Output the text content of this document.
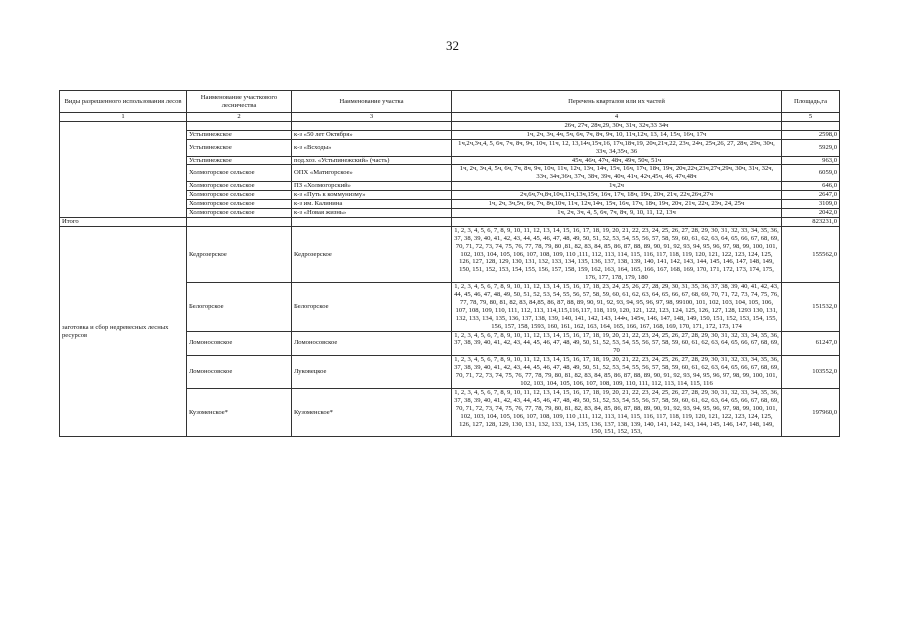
32
Виды разрешенного использования лесов	Наименование участкового лесничества	Наименование участка	Перечень кварталов или их частей	Площадь,га
1	2	3	4	5
			26ч, 27ч, 28ч,29, 30ч, 31ч, 32ч,33 34ч	
	Устьпинежское	к-з «50 лет Октября»	1ч, 2ч, 3ч, 4ч, 5ч, 6ч, 7ч, 8ч, 9ч, 10, 11ч,12ч, 13, 14, 15ч, 16ч, 17ч	2598,0
	Устьпинежское	к-з «Всходы»	1ч,2ч,3ч,4, 5, 6ч, 7ч, 8ч, 9ч, 10ч, 11ч, 12, 13,14ч,15ч,16, 17ч,18ч,19, 20ч,21ч,22, 23ч, 24ч, 25ч,26, 27, 28ч, 29ч, 30ч, 33ч, 34,35ч, 36	5929,0
	Устьпинежское	под.хоз. «Устьпинежский» (часть)	45ч, 46ч, 47ч, 48ч, 49ч, 50ч, 51ч	963,0
	Холмогорское сельское	ОПХ «Матигорское»	1ч, 2ч, 3ч,4, 5ч, 6ч, 7ч, 8ч, 9ч, 10ч, 11ч, 12ч, 13ч, 14ч, 15ч, 16ч, 17ч, 18ч, 19ч, 20ч,22ч,23ч,27ч,29ч, 30ч, 31ч, 32ч, 33ч, 34ч,36ч, 37ч, 38ч, 39ч, 40ч, 41ч, 42ч,45ч, 46, 47ч,48ч	6059,0
	Холмогорское сельское	ПЗ «Холмогорский»	1ч,2ч	646,0
	Холмогорское сельское	к-з «Путь к коммунизму»	2ч,6ч,7ч,8ч,10ч,11ч,13ч,15ч, 16ч, 17ч, 18ч, 19ч, 20ч, 21ч, 22ч,26ч,27ч	2647,0
	Холмогорское сельское	к-з им. Калинина	1ч, 2ч, 3ч,5ч, 6ч, 7ч, 8ч,10ч, 11ч, 12ч,14ч, 15ч, 16ч, 17ч, 18ч, 19ч, 20ч, 21ч, 22ч, 23ч, 24, 25ч	3109,0
	Холмогорское сельское	к-з «Новая жизнь»	1ч, 2ч, 3ч, 4, 5, 6ч, 7ч, 8ч, 9, 10, 11, 12, 13ч	2042,0
Итого				823231,0
заготовка и сбор недревесных лесных ресурсов	Кедрозерское	Кедрозерское	1, 2, 3, 4, 5, 6, 7, 8, 9, 10, 11, 12, 13, 14, 15, 16, 17, 18, 19, 20, 21, 22, 23, 24, 25, 26, 27, 28, 29, 30, 31, 32, 33, 34, 35, 36, 37, 38, 39, 40, 41, 42, 43, 44, 45, 46, 47, 48, 49, 50, 51, 52, 53, 54, 55, 56, 57, 58, 59, 60, 61, 62, 63, 64, 65, 66, 67, 68, 69, 70, 71, 72, 73, 74, 75, 76, 77, 78, 79, 80 ,81, 82, 83, 84, 85, 86, 87, 88, 89, 90, 91, 92, 93, 94, 95, 96, 97, 98, 99, 100, 101, 102, 103, 104, 105, 106, 107, 108, 109, 110 ,111, 112, 113, 114, 115, 116, 117, 118, 119, 120, 121, 122, 123, 124, 125, 126, 127, 128, 129, 130, 131, 132, 133, 134, 135, 136, 137, 138, 139, 140, 141, 142, 143, 144, 145, 146, 147, 148, 149, 150, 151, 152, 153, 154, 155, 156, 157, 158, 159, 162, 163, 164, 165, 166, 167, 168, 169, 170, 171, 172, 173, 174, 175, 176, 177, 178, 179, 180	155562,0
	Белогорское	Белогорское	1, 2, 3, 4, 5, 6, 7, 8, 9, 10, 11, 12, 13, 14, 15, 16, 17, 18, 23, 24, 25, 26, 27, 28, 29, 30, 31, 35, 36, 37, 38, 39, 40, 41, 42, 43, 44, 45, 46, 47, 48, 49, 50, 51, 52, 53, 54, 55, 56, 57, 58, 59, 60, 61, 62, 63, 64, 65, 66, 67, 68, 69, 70, 71, 72, 73, 74, 75, 76, 77, 78, 79, 80, 81, 82, 83, 84,85, 86, 87, 88, 89, 90, 91, 92, 93, 94, 95, 96, 97, 98, 99100, 101, 102, 103, 104, 105, 106, 107, 108, 109, 110, 111, 112, 113, 114,115,116,117, 118, 119, 120, 121, 122, 123, 124, 125, 126, 127, 128, 1293 130, 131, 132, 133, 134, 135, 136, 137, 138, 139, 140, 141, 142, 143, 144ч, 145ч, 146, 147, 148, 149, 150, 151, 152, 153, 154, 155, 156, 157, 158, 1593, 160, 161, 162, 163, 164, 165, 166, 167, 168, 169, 170, 171, 172, 173, 174	151532,0
	Ломоносовское	Ломоносовское	1, 2, 3, 4, 5, 6, 7, 8, 9, 10, 11, 12, 13, 14, 15, 16, 17, 18, 19, 20, 21, 22, 23, 24, 25, 26, 27, 28, 29, 30, 31, 32, 33, 34, 35, 36, 37, 38, 39, 40, 41, 42, 43, 44, 45, 46, 47, 48, 49, 50, 51, 52, 53, 54, 55, 56, 57, 58, 59, 60, 61, 62, 63, 64, 65, 66, 67, 68, 69, 70	61247,0
	Ломоносовское	Луковецкое	1, 2, 3, 4, 5, 6, 7, 8, 9, 10, 11, 12, 13, 14, 15, 16, 17, 18, 19, 20, 21, 22, 23, 24, 25, 26, 27, 28, 29, 30, 31, 32, 33, 34, 35, 36, 37, 38, 39, 40, 41, 42, 43, 44, 45, 46, 47, 48, 49, 50, 51, 52, 53, 54, 55, 56, 57, 58, 59, 60, 61, 62, 63, 64, 65, 66, 67, 68, 69, 70, 71, 72, 73, 74, 75, 76, 77, 78, 79, 80, 81, 82, 83, 84, 85, 86, 87, 88, 89, 90, 91, 92, 93, 94, 95, 96, 97, 98, 99, 100, 101, 102, 103, 104, 105, 106, 107, 108, 109, 110, 111, 112, 113, 114, 115, 116	103552,0
	Кузоменское*	Кузоменское*	1, 2, 3, 4, 5, 6, 7, 8, 9, 10, 11, 12, 13, 14, 15, 16, 17, 18, 19, 20, 21, 22, 23, 24, 25, 26, 27, 28, 29, 30, 31, 32, 33, 34, 35, 36, 37, 38, 39, 40, 41, 42, 43, 44, 45, 46, 47, 48, 49, 50, 51, 52, 53, 54, 55, 56, 57, 58, 59, 60, 61, 62, 63, 64, 65, 66, 67, 68, 69, 70, 71, 72, 73, 74, 75, 76, 77, 78, 79, 80, 81, 82, 83, 84, 85, 86, 87, 88, 89, 90, 91, 92, 93, 94, 95, 96, 97, 98, 99, 100, 101, 102, 103, 104, 105, 106, 107, 108, 109, 110 ,111, 112, 113, 114, 115, 116, 117, 118, 119, 120, 121, 122, 123, 124, 125, 126, 127, 128, 129, 130, 131, 132, 133, 134, 135, 136, 137, 138, 139, 140, 141, 142, 143, 144, 145, 146, 147, 148, 149, 150, 151, 152, 153,	197960,0
